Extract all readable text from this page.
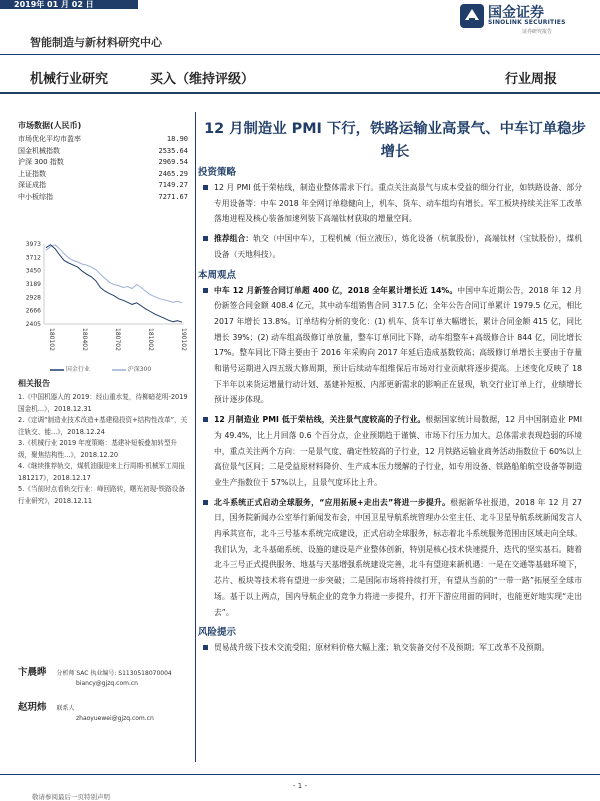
2019年 01 月 02 日
国金证券
SINOLINK SECURITIES
证券研究报告
智能制造与新材料研究中心
机械行业研究	买入（维持评级）	行业周报
市场数据(人民币)
市场优化平均市盈率	18.90
国金机械指数	2535.64
沪深 300 指数	2969.54
上证指数	2465.29
深证成指	7149.27
中小板综指	7271.67
3973
3712
3450
3189
2928
2666
2405
180102	180402	180702	181002	190102
国金行业	沪深300
相关报告
1.《中国机器人的 2019：经山重水复，待柳暗花明-2019 国金机...》，2018.12.31
2.《定调“制造业技术改造+基建稳投资+结构性改革”，关注轨交、能...》，2018.12.24
3.《机械行业 2019 年度策略：基建补短板叠加转型升级，聚焦结构性...》，2018.12.20
4.《继续推荐轨交，煤机油服迎来上行周期-机械军工周报 181217》，2018.12.17
5.《当前时点看轨交行业：峰回路转，曙光初现-铁路设备行业研究》，2018.12.11
卞晨晔 分析师 SAC 执业编号: S1130518070004
biancy@gjzq.com.cn
赵玥炜 联系人
zhaoyuewei@gjzq.com.cn
12 月制造业 PMI 下行，铁路运输业高景气、中车订单稳步增长
投资策略
12 月 PMI 低于荣枯线，制造业整体需求下行。重点关注高景气与成本受益的细分行业，如铁路设备、部分专用设备等：中车 2018 年全网订单稳健向上，机车、货车、动车组均有增长。军工板块持续关注军工改革落地进程及核心装备加速列装下高端钛材获取的增量空间。
推荐组合：轨交（中国中车），工程机械（恒立液压），炼化设备（杭氧股份），高端钛材（宝钛股份），煤机设备（天地科技）。
本周观点
中车 12 月新签合同订单超 400 亿，2018 全年累计增长近 14%。中国中车近期公告，2018 年 12 月份新签合同金额 408.4 亿元，其中动车组销售合同 317.5 亿；全年公告合同订单累计 1979.5 亿元，相比 2017 年增长 13.8%。订单结构分析的变化：(1) 机车、货车订单大幅增长，累计合同金额 415 亿，同比增长 39%；(2) 动车组高级修订单放量，整车订单同比下降，动车组整车+高级修合计 844 亿，同比增长 17%。整车同比下降主要由于 2016 年采购向 2017 年延后造成基数较高；高级修订单增长主要由于存量和谐号运期进入四五级大修周期，预计后续动车组维保后市场对行业贡献将逐步提高。上述变化反映了 18 下半年以来货运增量行动计划、基建补短板、内部更新需求的影响正在显现，轨交行业订单上行，业绩增长预计逐步体现。
12 月制造业 PMI 低于荣枯线，关注景气度较高的子行业。根据国家统计局数据，12 月中国制造业 PMI 为 49.4%，比上月回落 0.6 个百分点，企业预期趋于谨慎、市场下行压力加大。总体需求表现趋弱的环境中，重点关注两个方向：一是景气度、确定性较高的子行业，12 月铁路运输业商务活动指数位于 60%以上高位景气区间；二是受益原材料降价、生产成本压力缓解的子行业，如专用设备、铁路船舶航空设备等制造业生产指数位于 57%以上，且景气度环比上升。
北斗系统正式启动全球服务，“应用拓展+走出去”将进一步提升。根据新华社报道，2018 年 12 月 27 日，国务院新闻办公室举行新闻发布会，中国卫星导航系统管理办公室主任、北斗卫星导航系统新闻发言人冉承其宣布，北斗三号基本系统完成建设，正式启动全球服务，标志着北斗系统服务范围由区域走向全球。我们认为，北斗基础系统、设施的建设是产业整体创新，特别是核心技术快速提升、迭代的坚实基石。随着北斗三号正式提供服务、地基与天基增强系统建设完善，北斗有望迎来新机遇：一是在交通等基础环境下，芯片、板块等技术将有望进一步突破；二是国际市场将持续打开，有望从当前的“一带一路”拓展至全球市场。基于以上两点，国内导航企业的竞争力将进一步提升，打开下游应用面的同时，也能更好地实现“走出去”。
风险提示
贸易战升级下技术交流受阻；原材料价格大幅上涨；轨交装备交付不及预期；军工改革不及预期。
- 1 -
敬请参阅最后一页特别声明
